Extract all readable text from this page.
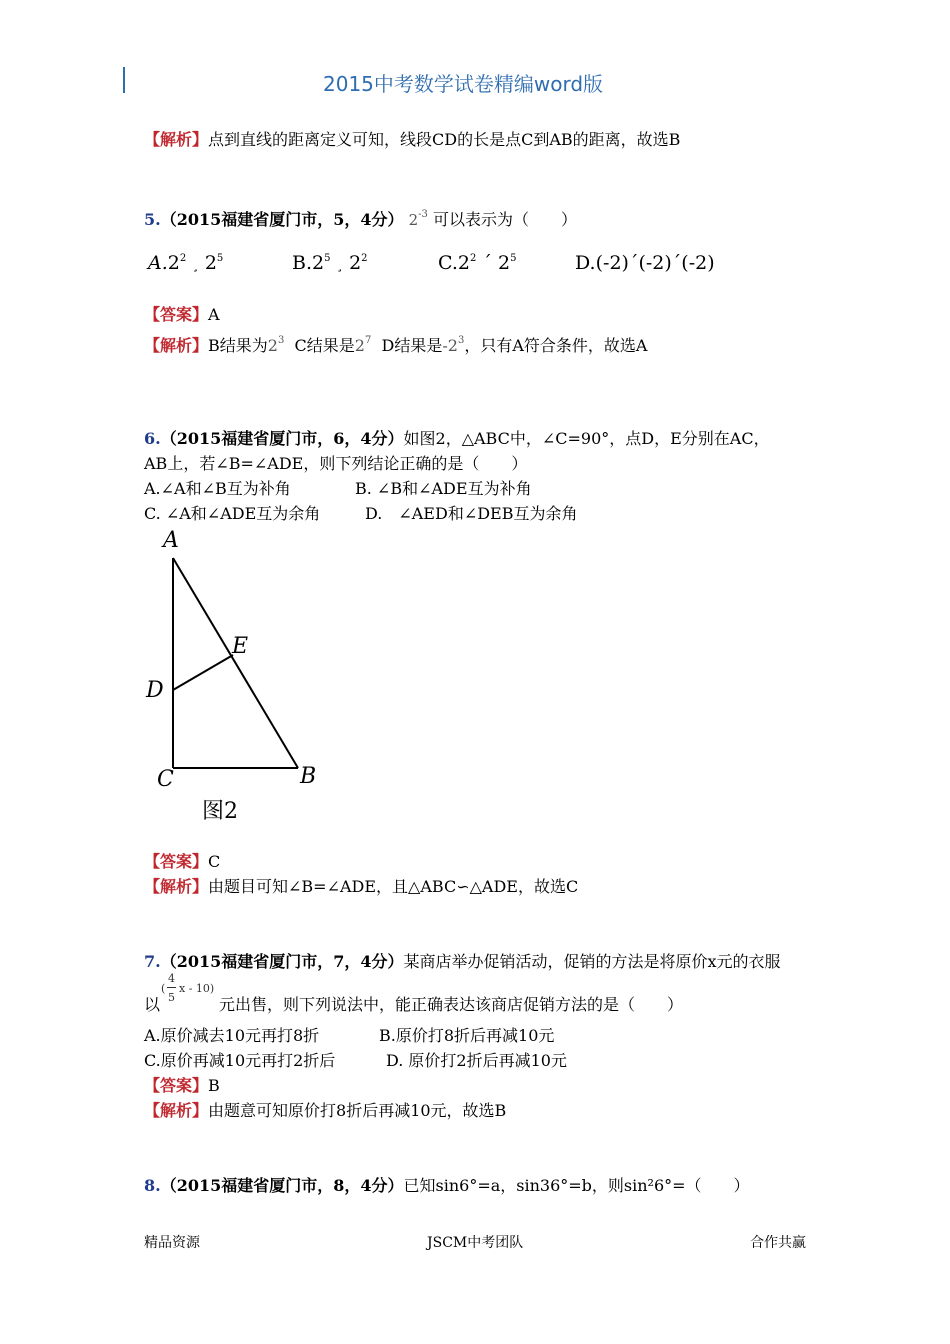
2015中考数学试卷精编word版
【解析】点到直线的距离定义可知，线段CD的长是点C到AB的距离，故选B
5.（2015福建省厦门市，5，4分） $2^{-3}$ 可以表示为（　　）
$A.2^2$ ¸ $2^5$	$B.2^5$ ¸ $2^2$	$C.2^2$ ´ $2^5$	D.(-2)´(-2)´(-2)
【答案】A
【解析】B结果为$2^3$ C结果是$2^7$ D结果是$-2^3$，只有A符合条件，故选A
6.（2015福建省厦门市，6，4分）如图2，△ABC中，∠C=90°，点D，E分别在AC，
AB上，若∠B=∠ADE，则下列结论正确的是（　　）
A.∠A和∠B互为补角	B. ∠B和∠ADE互为补角
C. ∠A和∠ADE互为余角	D.　∠AED和∠DEB互为余角
A
E
D
C	B
图2
【答案】C
【解析】由题目可知∠B=∠ADE，且△ABC∽△ADE，故选C
7.（2015福建省厦门市，7，4分）某商店举办促销活动，促销的方法是将原价x元的衣服
以
(
4
5
x - 10)
元出售，则下列说法中，能正确表达该商店促销方法的是（　　）
A.原价减去10元再打8折	B.原价打8折后再减10元
C.原价再减10元再打2折后	D. 原价打2折后再减10元
【答案】B
【解析】由题意可知原价打8折后再减10元，故选B
8.（2015福建省厦门市，8，4分）已知sin6°=a，sin36°=b，则sin²6°=（　　）
精品资源	JSCM中考团队	合作共赢
